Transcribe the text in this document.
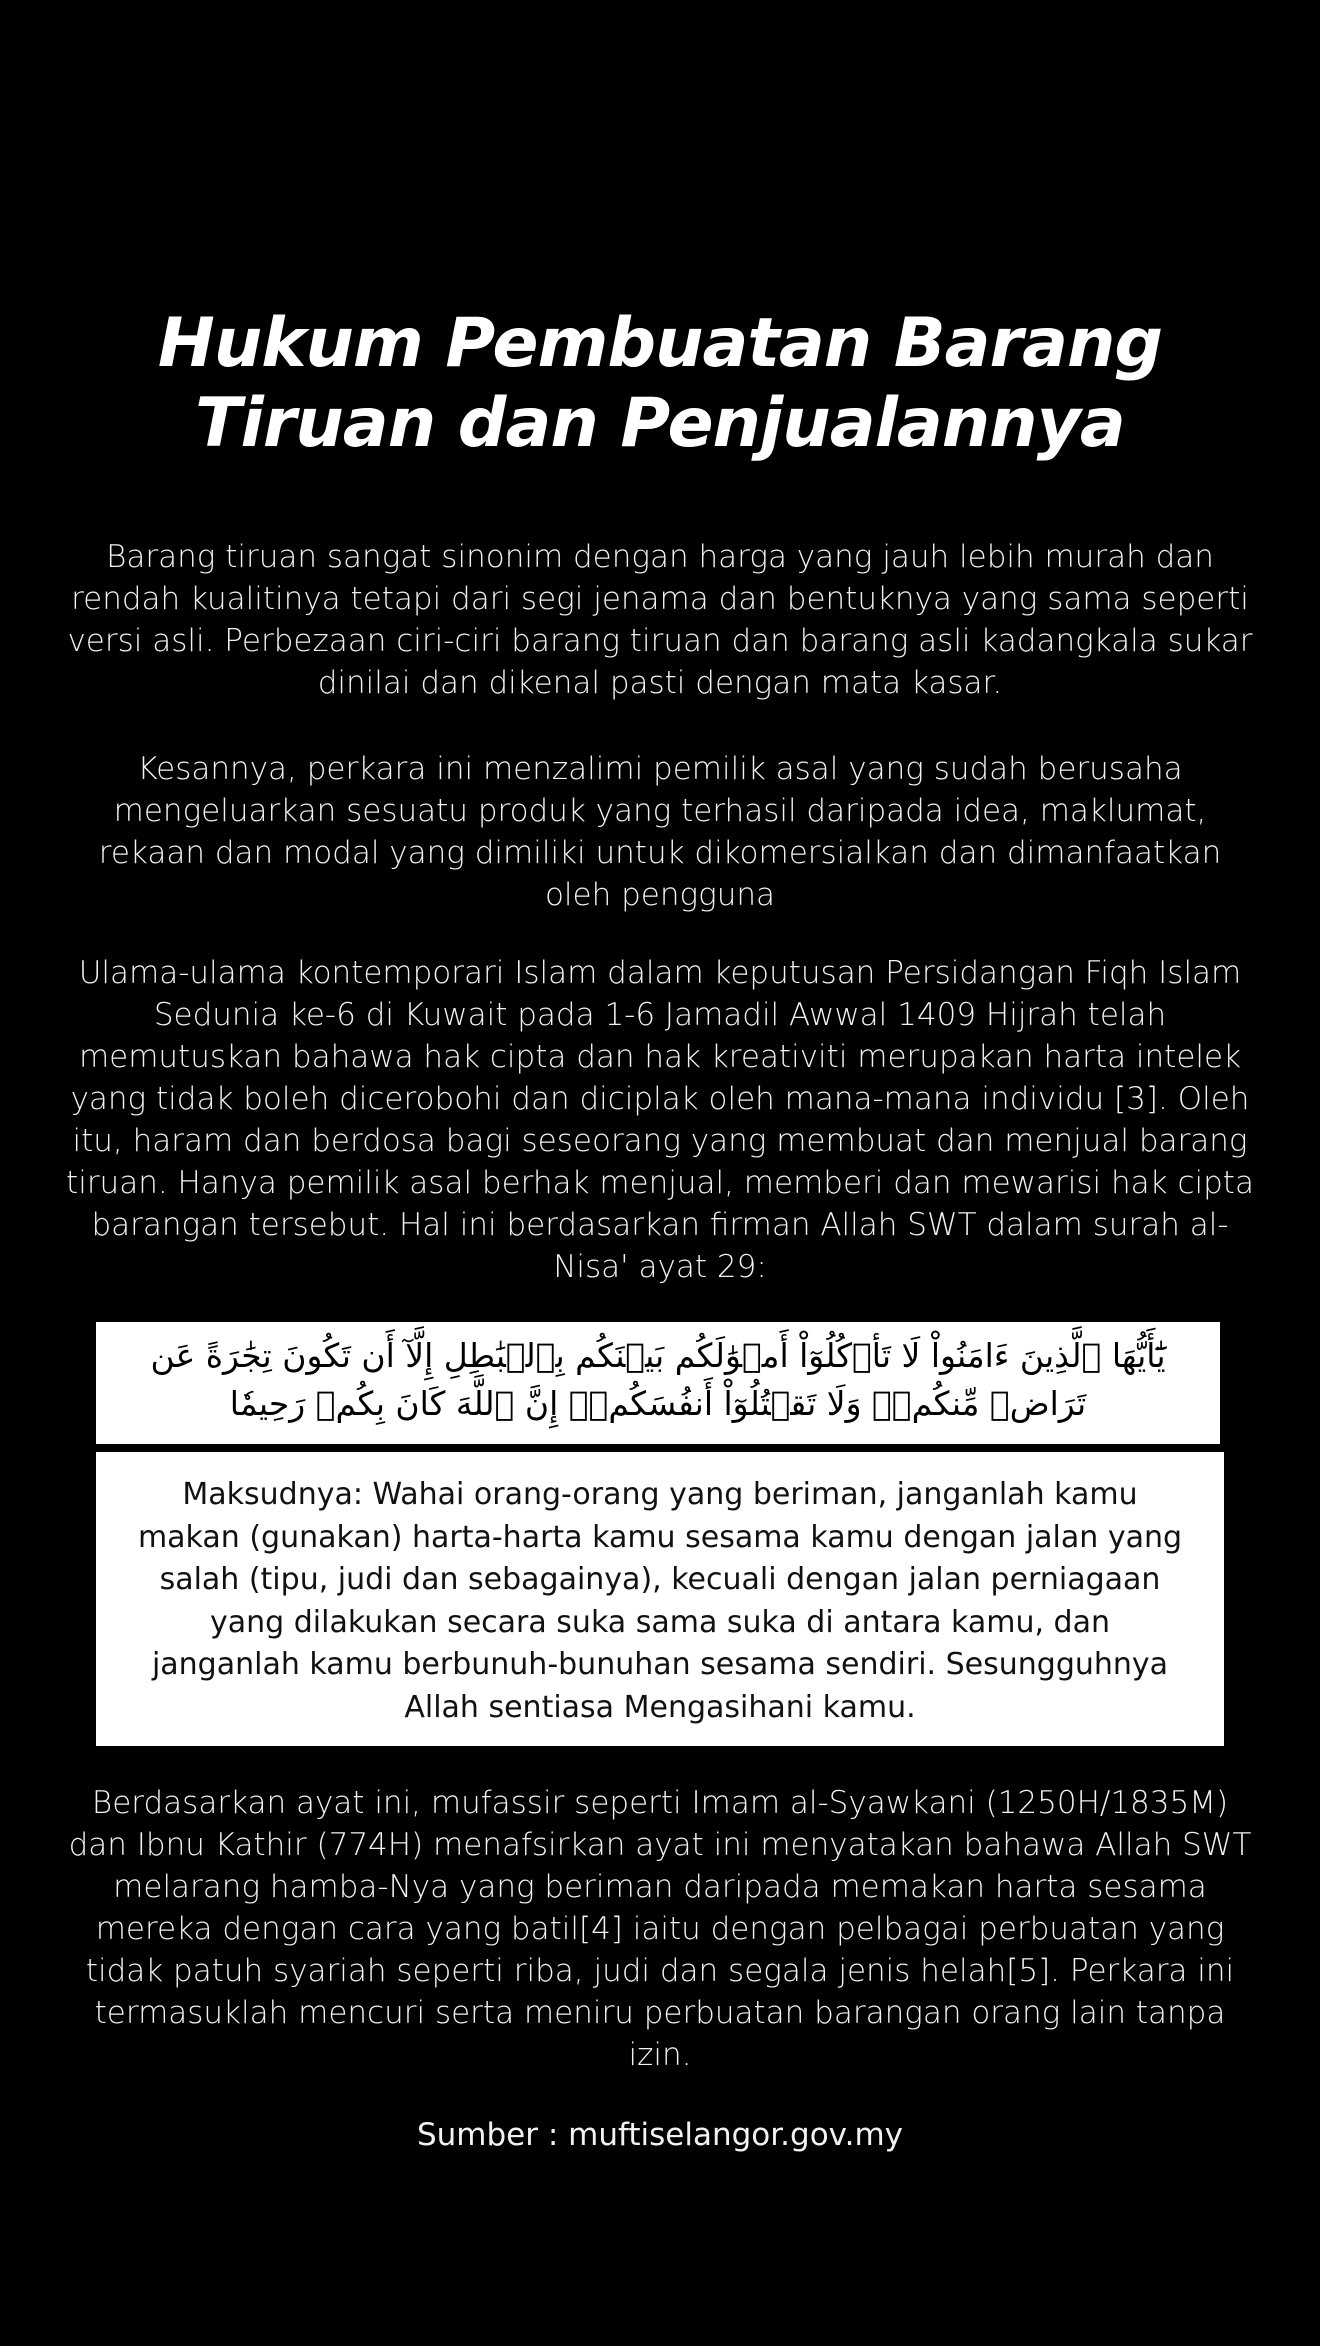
Hukum Pembuatan Barang
Tiruan dan Penjualannya

Barang tiruan sangat sinonim dengan harga yang jauh lebih murah dan rendah kualitinya tetapi dari segi jenama dan bentuknya yang sama seperti versi asli. Perbezaan ciri-ciri barang tiruan dan barang asli kadangkala sukar dinilai dan dikenal pasti dengan mata kasar.

Kesannya, perkara ini menzalimi pemilik asal yang sudah berusaha mengeluarkan sesuatu produk yang terhasil daripada idea, maklumat, rekaan dan modal yang dimiliki untuk dikomersialkan dan dimanfaatkan oleh pengguna

Ulama-ulama kontemporari Islam dalam keputusan Persidangan Fiqh Islam Sedunia ke-6 di Kuwait pada 1-6 Jamadil Awwal 1409 Hijrah telah memutuskan bahawa hak cipta dan hak kreativiti merupakan harta intelek yang tidak boleh dicerobohi dan diciplak oleh mana-mana individu [3]. Oleh itu, haram dan berdosa bagi seseorang yang membuat dan menjual barang tiruan. Hanya pemilik asal berhak menjual, memberi dan mewarisi hak cipta barangan tersebut. Hal ini berdasarkan firman Allah SWT dalam surah al-Nisa' ayat 29:

يَٰٓأَيُّهَا ٱلَّذِينَ ءَامَنُواْ لَا تَأۡكُلُوٓاْ أَمۡوَٰلَكُم بَيۡنَكُم بِٱلۡبَٰطِلِ إِلَّآ أَن تَكُونَ تِجَٰرَةً عَن تَرَاضٖ مِّنكُمۡۚ وَلَا تَقۡتُلُوٓاْ أَنفُسَكُمۡۚ إِنَّ ٱللَّهَ كَانَ بِكُمۡ رَحِيمٗا
Maksudnya: Wahai orang-orang yang beriman, janganlah kamu makan (gunakan) harta-harta kamu sesama kamu dengan jalan yang salah (tipu, judi dan sebagainya), kecuali dengan jalan perniagaan yang dilakukan secara suka sama suka di antara kamu, dan janganlah kamu berbunuh-bunuhan sesama sendiri. Sesungguhnya Allah sentiasa Mengasihani kamu.

Berdasarkan ayat ini, mufassir seperti Imam al-Syawkani (1250H/1835M) dan Ibnu Kathir (774H) menafsirkan ayat ini menyatakan bahawa Allah SWT melarang hamba-Nya yang beriman daripada memakan harta sesama mereka dengan cara yang batil[4] iaitu dengan pelbagai perbuatan yang tidak patuh syariah seperti riba, judi dan segala jenis helah[5]. Perkara ini termasuklah mencuri serta meniru perbuatan barangan orang lain tanpa izin.

Sumber : muftiselangor.gov.my
